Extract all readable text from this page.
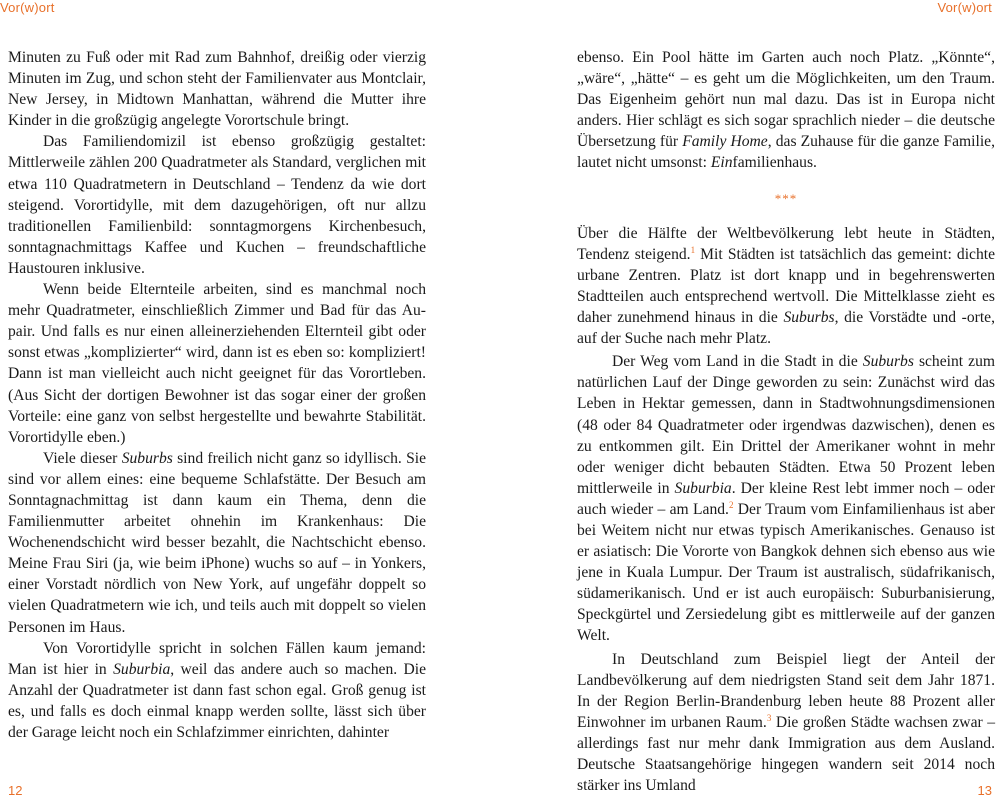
Vor(w)ort	Vor(w)ort

Minuten zu Fuß oder mit Rad zum Bahnhof, dreißig oder vierzig Minuten im Zug, und schon steht der Familienvater aus Montclair, New Jersey, in Midtown Manhattan, während die Mutter ihre Kinder in die großzügig angelegte Vorortschule bringt.

Das Familiendomizil ist ebenso großzügig gestaltet: Mittlerweile zählen 200 Quadratmeter als Standard, verglichen mit etwa 110 Quadratmetern in Deutschland – Tendenz da wie dort steigend. Vorortidylle, mit dem dazugehörigen, oft nur allzu traditionellen Familienbild: sonntagmorgens Kirchenbesuch, sonntagnachmittags Kaffee und Kuchen – freundschaftliche Haustouren inklusive.

Wenn beide Elternteile arbeiten, sind es manchmal noch mehr Quadratmeter, einschließlich Zimmer und Bad für das Au-pair. Und falls es nur einen alleinerziehenden Elternteil gibt oder sonst etwas „komplizierter“ wird, dann ist es eben so: kompliziert! Dann ist man vielleicht auch nicht geeignet für das Vorortleben. (Aus Sicht der dortigen Bewohner ist das sogar einer der großen Vorteile: eine ganz von selbst hergestellte und bewahrte Stabilität. Vorortidylle eben.)

Viele dieser Suburbs sind freilich nicht ganz so idyllisch. Sie sind vor allem eines: eine bequeme Schlafstätte. Der Besuch am Sonntagnachmittag ist dann kaum ein Thema, denn die Familienmutter arbeitet ohnehin im Krankenhaus: Die Wochenendschicht wird besser bezahlt, die Nachtschicht ebenso. Meine Frau Siri (ja, wie beim iPhone) wuchs so auf – in Yonkers, einer Vorstadt nördlich von New York, auf ungefähr doppelt so vielen Quadratmetern wie ich, und teils auch mit doppelt so vielen Personen im Haus.

Von Vorortidylle spricht in solchen Fällen kaum jemand: Man ist hier in Suburbia, weil das andere auch so machen. Die Anzahl der Quadratmeter ist dann fast schon egal. Groß genug ist es, und falls es doch einmal knapp werden sollte, lässt sich über der Garage leicht noch ein Schlafzimmer einrichten, dahinter

ebenso. Ein Pool hätte im Garten auch noch Platz. „Könnte“, „wäre“, „hätte“ – es geht um die Möglichkeiten, um den Traum. Das Eigenheim gehört nun mal dazu. Das ist in Europa nicht anders. Hier schlägt es sich sogar sprachlich nieder – die deutsche Übersetzung für Family Home, das Zuhause für die ganze Familie, lautet nicht umsonst: Einfamilienhaus.

***

Über die Hälfte der Weltbevölkerung lebt heute in Städten, Tendenz steigend.$^1$ Mit Städten ist tatsächlich das gemeint: dichte urbane Zentren. Platz ist dort knapp und in begehrenswerten Stadtteilen auch entsprechend wertvoll. Die Mittelklasse zieht es daher zunehmend hinaus in die Suburbs, die Vorstädte und -orte, auf der Suche nach mehr Platz.

Der Weg vom Land in die Stadt in die Suburbs scheint zum natürlichen Lauf der Dinge geworden zu sein: Zunächst wird das Leben in Hektar gemessen, dann in Stadtwohnungsdimensionen (48 oder 84 Quadratmeter oder irgendwas dazwischen), denen es zu entkommen gilt. Ein Drittel der Amerikaner wohnt in mehr oder weniger dicht bebauten Städten. Etwa 50 Prozent leben mittlerweile in Suburbia. Der kleine Rest lebt immer noch – oder auch wieder – am Land.$^2$ Der Traum vom Einfamilienhaus ist aber bei Weitem nicht nur etwas typisch Amerikanisches. Genauso ist er asiatisch: Die Vororte von Bangkok dehnen sich ebenso aus wie jene in Kuala Lumpur. Der Traum ist australisch, südafrikanisch, südamerikanisch. Und er ist auch europäisch: Suburbanisierung, Speckgürtel und Zersiedelung gibt es mittlerweile auf der ganzen Welt.

In Deutschland zum Beispiel liegt der Anteil der Landbevölkerung auf dem niedrigsten Stand seit dem Jahr 1871. In der Region Berlin-Brandenburg leben heute 88 Prozent aller Einwohner im urbanen Raum.$^3$ Die großen Städte wachsen zwar – allerdings fast nur mehr dank Immigration aus dem Ausland. Deutsche Staatsangehörige hingegen wandern seit 2014 noch stärker ins Umland

12	13
